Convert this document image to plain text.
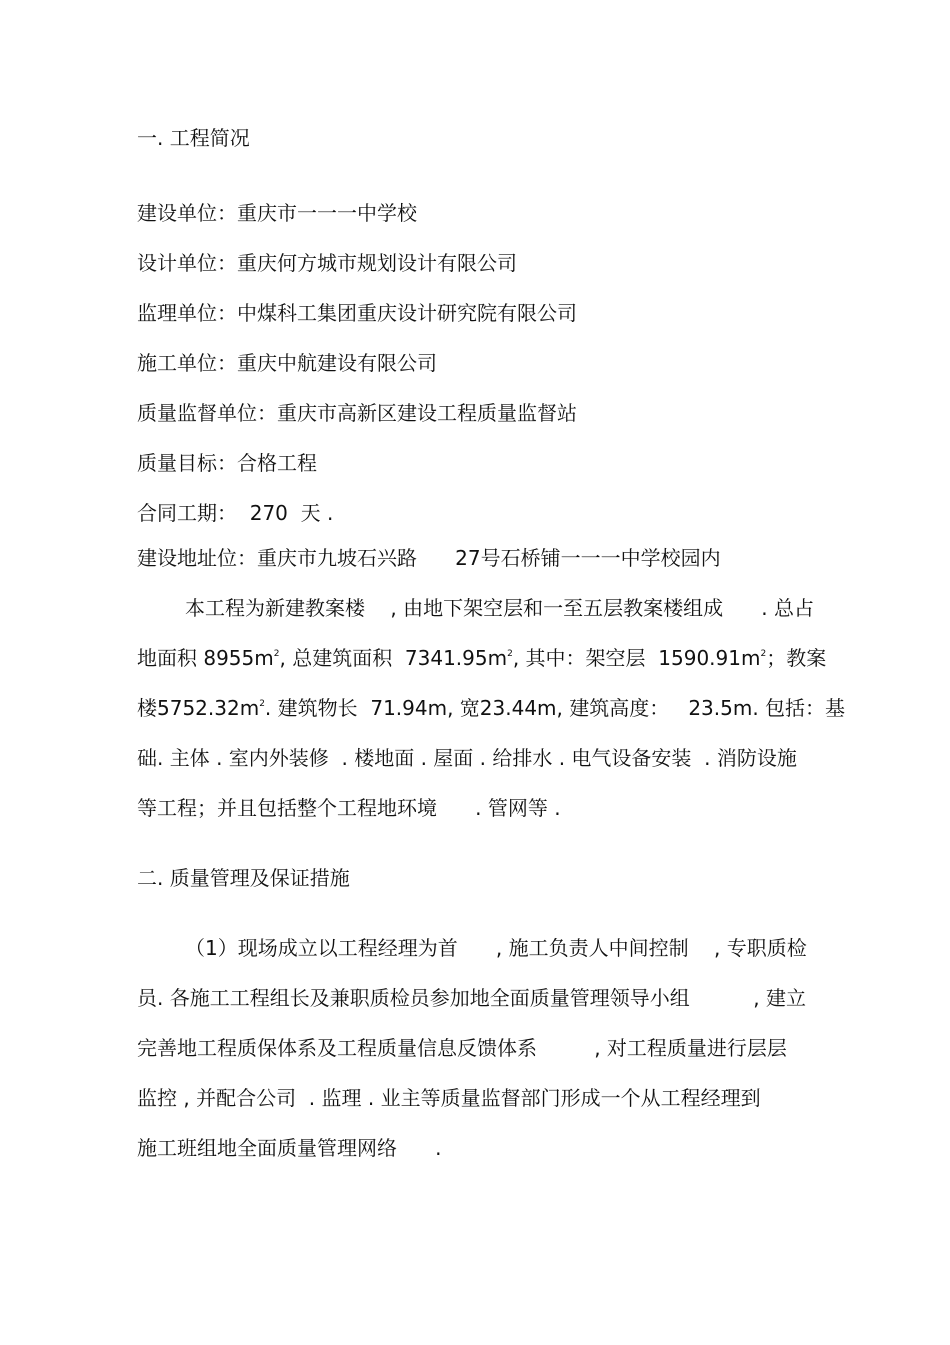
一. 工程简况
建设单位：重庆市一一一中学校
设计单位：重庆何方城市规划设计有限公司
监理单位：中煤科工集团重庆设计研究院有限公司
施工单位：重庆中航建设有限公司
质量监督单位：重庆市高新区建设工程质量监督站
质量目标：合格工程
合同工期：  270  天 .
建设地址位：重庆市九坡石兴路      27号石桥铺一一一中学校园内
本工程为新建教案楼    , 由地下架空层和一至五层教案楼组成      . 总占
地面积 $8955m^2$, 总建筑面积  $7341.95m^2$, 其中：架空层  $1590.91m^2$；教案
楼$5752.32m^2$. 建筑物长  71.94m, 宽23.44m, 建筑高度：   23.5m. 包括：基
础. 主体 . 室内外装修  . 楼地面 . 屋面 . 给排水 . 电气设备安装  . 消防设施
等工程；并且包括整个工程地环境      . 管网等 .
二. 质量管理及保证措施
（1）现场成立以工程经理为首      , 施工负责人中间控制    , 专职质检
员. 各施工工程组长及兼职质检员参加地全面质量管理领导小组          , 建立
完善地工程质保体系及工程质量信息反馈体系         , 对工程质量进行层层
监控 , 并配合公司  . 监理 . 业主等质量监督部门形成一个从工程经理到
施工班组地全面质量管理网络      .
